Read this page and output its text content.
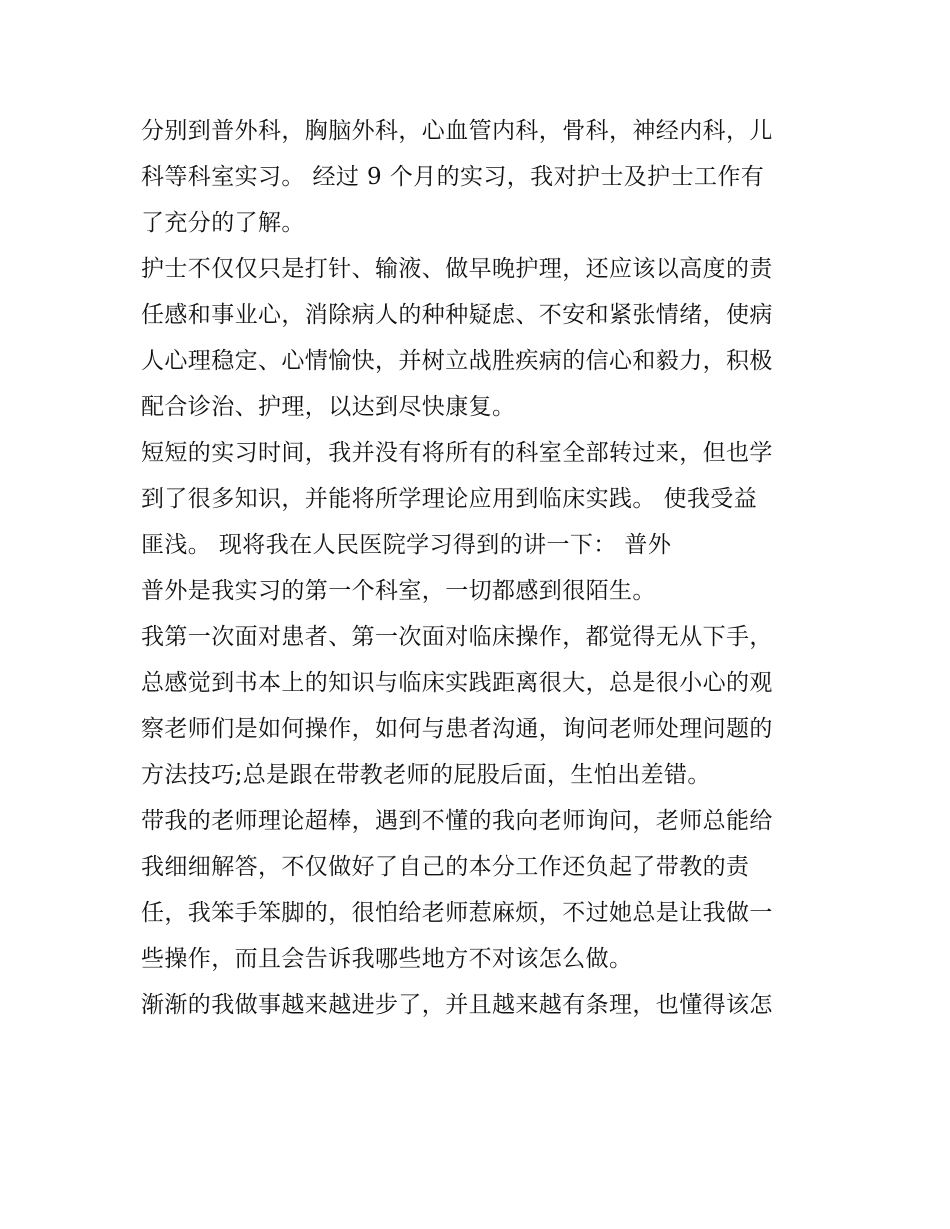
分别到普外科，胸脑外科，心血管内科，骨科，神经内科，儿
科等科室实习。 经过 9 个月的实习，我对护士及护士工作有
了充分的了解。
护士不仅仅只是打针、输液、做早晚护理，还应该以高度的责
任感和事业心，消除病人的种种疑虑、不安和紧张情绪，使病
人心理稳定、心情愉快，并树立战胜疾病的信心和毅力，积极
配合诊治、护理，以达到尽快康复。
短短的实习时间，我并没有将所有的科室全部转过来，但也学
到了很多知识，并能将所学理论应用到临床实践。 使我受益
匪浅。 现将我在人民医院学习得到的讲一下： 普外
普外是我实习的第一个科室，一切都感到很陌生。
我第一次面对患者、第一次面对临床操作，都觉得无从下手，
总感觉到书本上的知识与临床实践距离很大，总是很小心的观
察老师们是如何操作，如何与患者沟通，询问老师处理问题的
方法技巧;总是跟在带教老师的屁股后面，生怕出差错。
带我的老师理论超棒，遇到不懂的我向老师询问，老师总能给
我细细解答，不仅做好了自己的本分工作还负起了带教的责
任，我笨手笨脚的，很怕给老师惹麻烦，不过她总是让我做一
些操作，而且会告诉我哪些地方不对该怎么做。
渐渐的我做事越来越进步了，并且越来越有条理，也懂得该怎
